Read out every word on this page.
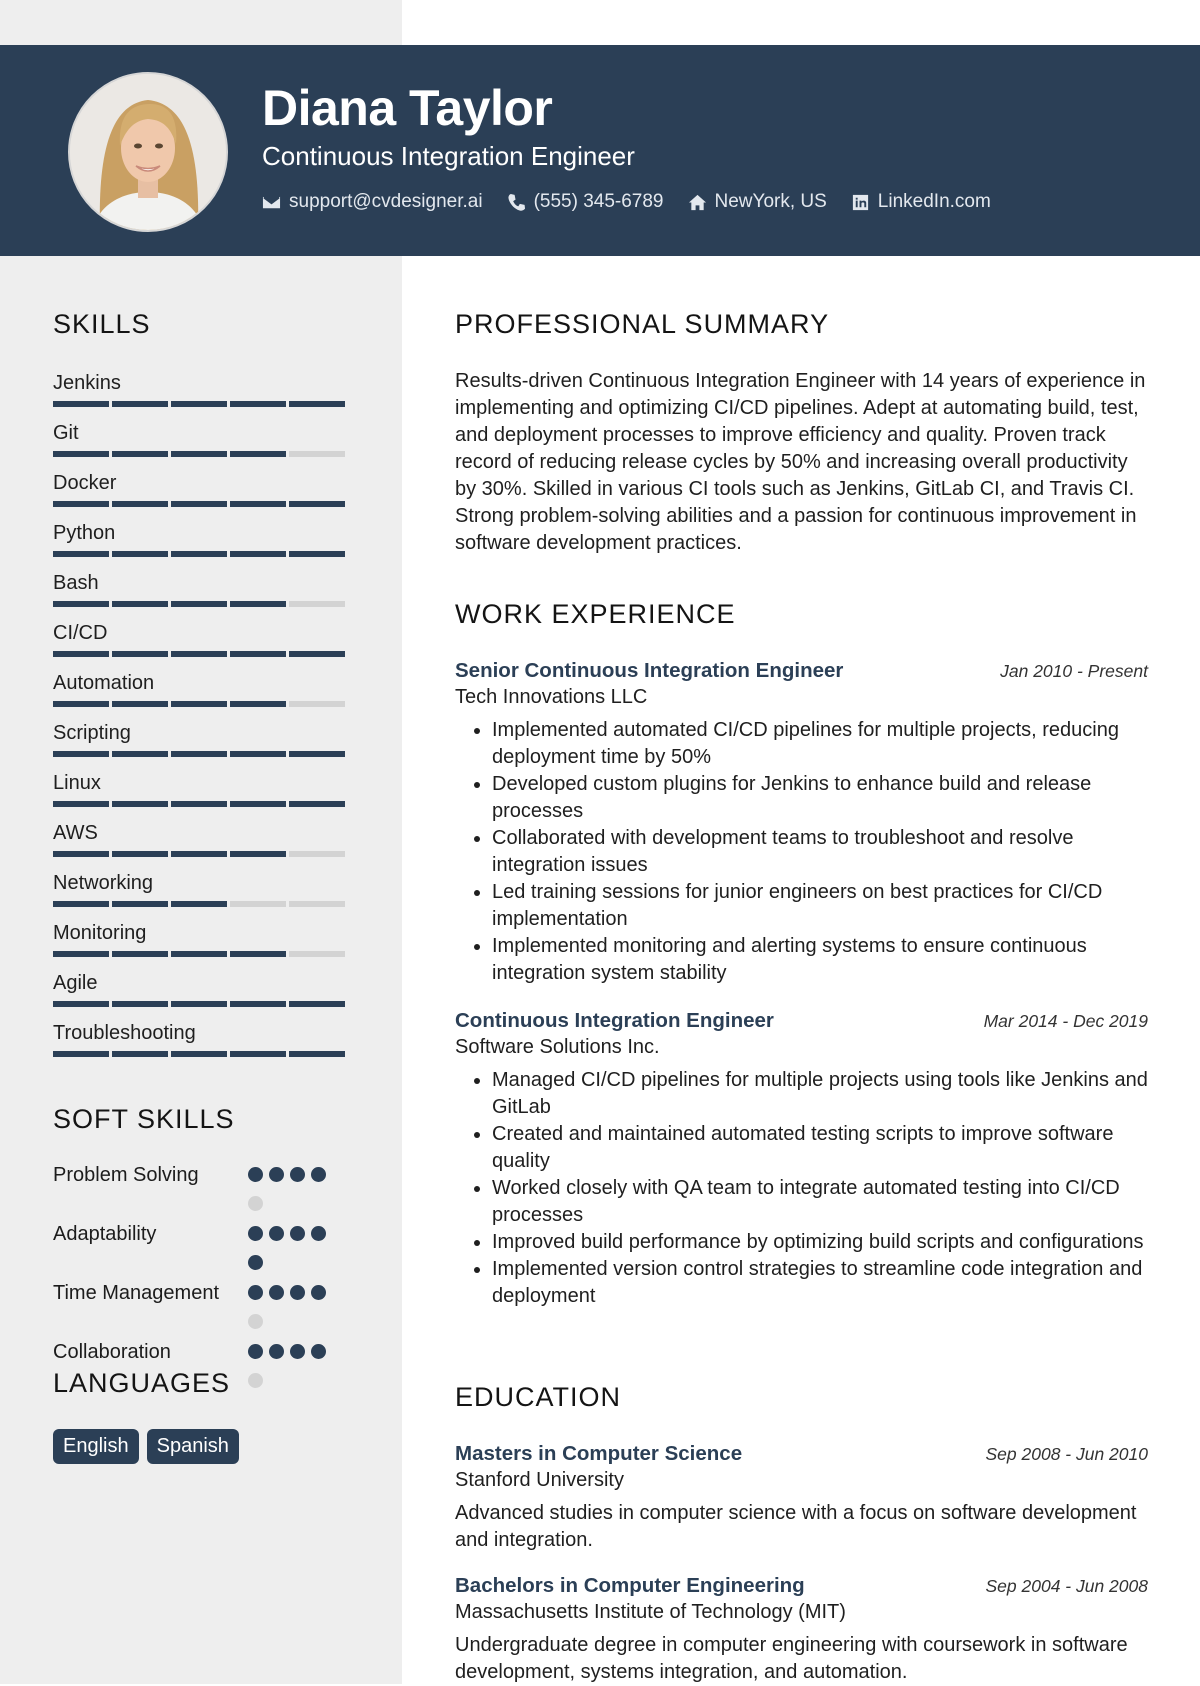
Diana Taylor
Continuous Integration Engineer
support@cvdesigner.ai	(555) 345-6789	NewYork, US	LinkedIn.com
SKILLS
Jenkins
Git
Docker
Python
Bash
CI/CD
Automation
Scripting
Linux
AWS
Networking
Monitoring
Agile
Troubleshooting
SOFT SKILLS
Problem Solving
Adaptability
Time Management
Collaboration
LANGUAGES
English	Spanish
PROFESSIONAL SUMMARY

Results-driven Continuous Integration Engineer with 14 years of experience in implementing and optimizing CI/CD pipelines. Adept at automating build, test, and deployment processes to improve efficiency and quality. Proven track record of reducing release cycles by 50% and increasing overall productivity by 30%. Skilled in various CI tools such as Jenkins, GitLab CI, and Travis CI. Strong problem-solving abilities and a passion for continuous improvement in software development practices.

WORK EXPERIENCE
Senior Continuous Integration Engineer	Jan 2010 - Present
Tech Innovations LLC
• Implemented automated CI/CD pipelines for multiple projects, reducing deployment time by 50%
• Developed custom plugins for Jenkins to enhance build and release processes
• Collaborated with development teams to troubleshoot and resolve integration issues
• Led training sessions for junior engineers on best practices for CI/CD implementation
• Implemented monitoring and alerting systems to ensure continuous integration system stability
Continuous Integration Engineer	Mar 2014 - Dec 2019
Software Solutions Inc.
• Managed CI/CD pipelines for multiple projects using tools like Jenkins and GitLab
• Created and maintained automated testing scripts to improve software quality
• Worked closely with QA team to integrate automated testing into CI/CD processes
• Improved build performance by optimizing build scripts and configurations
• Implemented version control strategies to streamline code integration and deployment
EDUCATION
Masters in Computer Science	Sep 2008 - Jun 2010
Stanford University
Advanced studies in computer science with a focus on software development and integration.
Bachelors in Computer Engineering	Sep 2004 - Jun 2008
Massachusetts Institute of Technology (MIT)
Undergraduate degree in computer engineering with coursework in software development, systems integration, and automation.
